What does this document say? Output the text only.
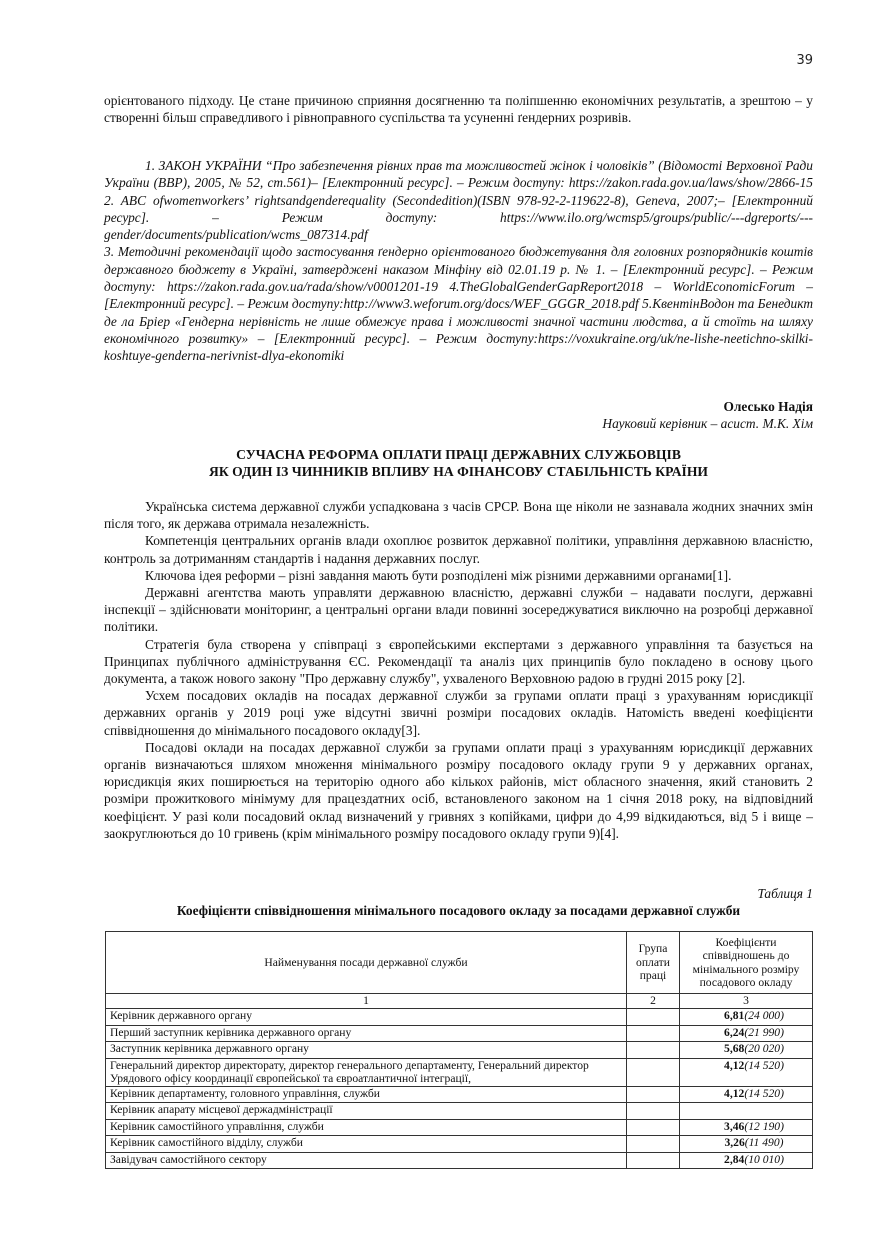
39
орієнтованого підходу. Це стане причиною сприяння досягненню та поліпшенню економічних результатів, а зрештою – у створенні більш справедливого і рівноправного суспільства та усуненні ґендерних розривів.

1. ЗАКОН УКРАЇНИ “Про забезпечення рівних прав та можливостей жінок і чоловіків” (Відомості Верховної Ради України (ВВР), 2005, № 52, ст.561)– [Електронний ресурс]. – Режим доступу: https://zakon.rada.gov.ua/laws/show/2866-15 2. ABC ofwomenworkers’ rightsandgenderequality (Secondedition)(ISBN 978-92-2-119622-8), Geneva, 2007;– [Електронний ресурс]. – Режим доступу: https://www.ilo.org/wcmsp5/groups/public/---dgreports/---gender/documents/publication/wcms_087314.pdf

3. Методичні рекомендації щодо застосування ґендерно орієнтованого бюджетування для головних розпорядників коштів державного бюджету в Україні, затверджені наказом Мінфіну від 02.01.19 р. № 1. – [Електронний ресурс]. – Режим доступу: https://zakon.rada.gov.ua/rada/show/v0001201-19 4.TheGlobalGenderGapReport2018 – WorldEconomicForum – [Електронний ресурс]. – Режим доступу:http://www3.weforum.org/docs/WEF_GGGR_2018.pdf 5.КвентінВодон та Бенедикт де ла Бріер «Гендерна нерівність не лише обмежує права і можливості значної частини людства, а й стоїть на шляху економічного розвитку» – [Електронний ресурс]. – Режим доступу:https://voxukraine.org/uk/ne-lishe-neetichno-skilki-koshtuye-genderna-nerivnist-dlya-ekonomiki

Олесько Надія
Науковий керівник – асист. М.К. Хім
СУЧАСНА РЕФОРМА ОПЛАТИ ПРАЦІ ДЕРЖАВНИХ СЛУЖБОВЦІВ
ЯК ОДИН ІЗ ЧИННИКІВ ВПЛИВУ НА ФІНАНСОВУ СТАБІЛЬНІСТЬ КРАЇНИ

Українська система державної служби успадкована з часів СРСР. Вона ще ніколи не зазнавала жодних значних змін після того, як держава отримала незалежність.

Компетенція центральних органів влади охоплює розвиток державної політики, управління державною власністю, контроль за дотриманням стандартів і надання державних послуг.

Ключова ідея реформи – різні завдання мають бути розподілені між різними державними органами[1].

Державні агентства мають управляти державною власністю, державні служби – надавати послуги, державні інспекції – здійснювати моніторинг, а центральні органи влади повинні зосереджуватися виключно на розробці державної політики.

Стратегія була створена у співпраці з європейськими експертами з державного управління та базується на Принципах публічного адміністрування ЄС. Рекомендації та аналіз цих принципів було покладено в основу цього документа, а також нового закону "Про державну службу", ухваленого Верховною радою в грудні 2015 року [2].

Усхем посадових окладів на посадах державної служби за групами оплати праці з урахуванням юрисдикції державних органів у 2019 році уже відсутні звичні розміри посадових окладів. Натомість введені коефіцієнти співвідношення до мінімального посадового окладу[3].

Посадові оклади на посадах державної служби за групами оплати праці з урахуванням юрисдикції державних органів визначаються шляхом множення мінімального розміру посадового окладу групи 9 у державних органах, юрисдикція яких поширюється на територію одного або кількох районів, міст обласного значення, який становить 2 розміри прожиткового мінімуму для працездатних осіб, встановленого законом на 1 січня 2018 року, на відповідний коефіцієнт. У разі коли посадовий оклад визначений у гривнях з копійками, цифри до 4,99 відкидаються, від 5 і вище – заокруглюються до 10 гривень (крім мінімального розміру посадового окладу групи 9)[4].

Таблиця 1
Коефіцієнти співвідношення мінімального посадового окладу за посадами державної служби
Найменування посади державної служби	Група оплати праці	Коефіцієнти співвідношень до мінімального розміру посадового окладу
1	2	3
Керівник державного органу		6,81(24 000)
Перший заступник керівника державного органу		6,24(21 990)
Заступник керівника державного органу		5,68(20 020)
Генеральний директор директорату, директор генерального департаменту, Генеральний директор Урядового офісу координації європейської та євроатлантичної інтеграції,		4,12(14 520)
Керівник департаменту, головного управління, служби		4,12(14 520)
Керівник апарату місцевої держадміністрації		
Керівник самостійного управління, служби		3,46(12 190)
Керівник самостійного відділу, служби		3,26(11 490)
Завідувач самостійного сектору		2,84(10 010)
